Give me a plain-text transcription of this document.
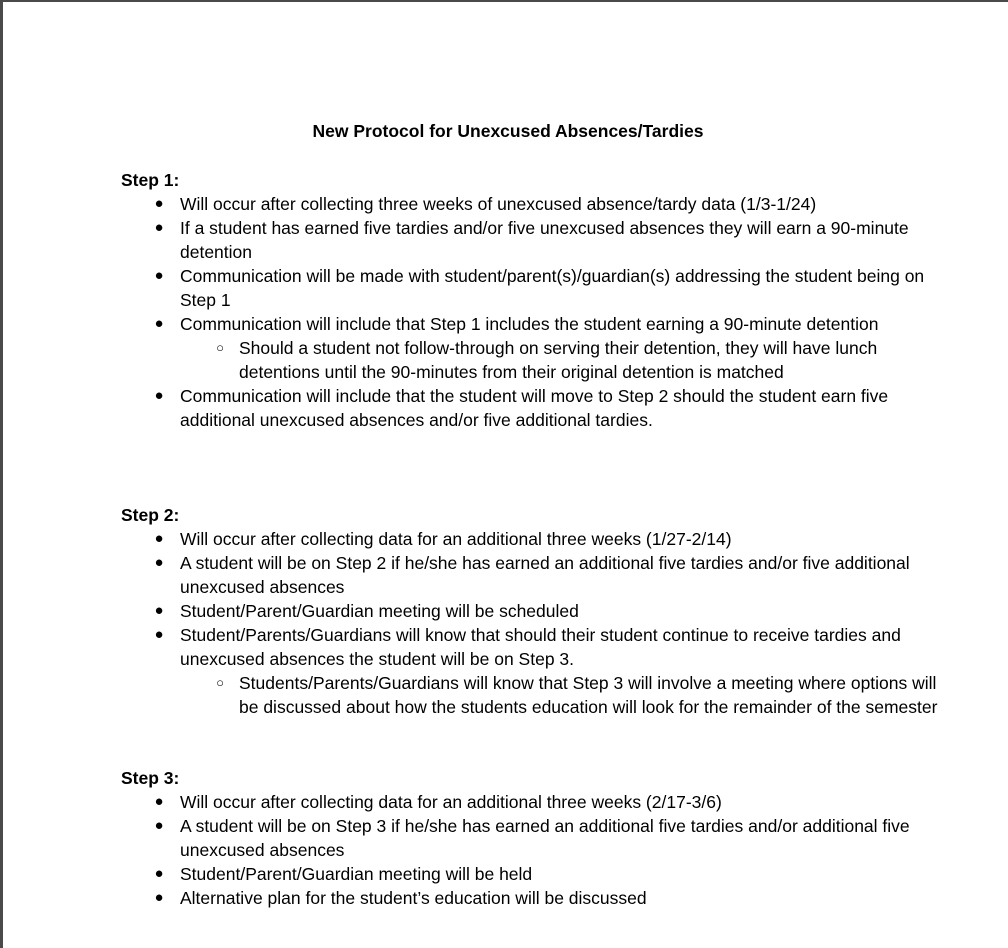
New Protocol for Unexcused Absences/Tardies
Step 1:
● Will occur after collecting three weeks of unexcused absence/tardy data (1/3-1/24)
● If a student has earned five tardies and/or five unexcused absences they will earn a 90-minute detention
● Communication will be made with student/parent(s)/guardian(s) addressing the student being on Step 1
● Communication will include that Step 1 includes the student earning a 90-minute detention
○ Should a student not follow-through on serving their detention, they will have lunch detentions until the 90-minutes from their original detention is matched
● Communication will include that the student will move to Step 2 should the student earn five additional unexcused absences and/or five additional tardies.
Step 2:
● Will occur after collecting data for an additional three weeks (1/27-2/14)
● A student will be on Step 2 if he/she has earned an additional five tardies and/or five additional unexcused absences
● Student/Parent/Guardian meeting will be scheduled
● Student/Parents/Guardians will know that should their student continue to receive tardies and unexcused absences the student will be on Step 3.
○ Students/Parents/Guardians will know that Step 3 will involve a meeting where options will be discussed about how the students education will look for the remainder of the semester
Step 3:
● Will occur after collecting data for an additional three weeks (2/17-3/6)
● A student will be on Step 3 if he/she has earned an additional five tardies and/or additional five unexcused absences
● Student/Parent/Guardian meeting will be held
● Alternative plan for the student’s education will be discussed
